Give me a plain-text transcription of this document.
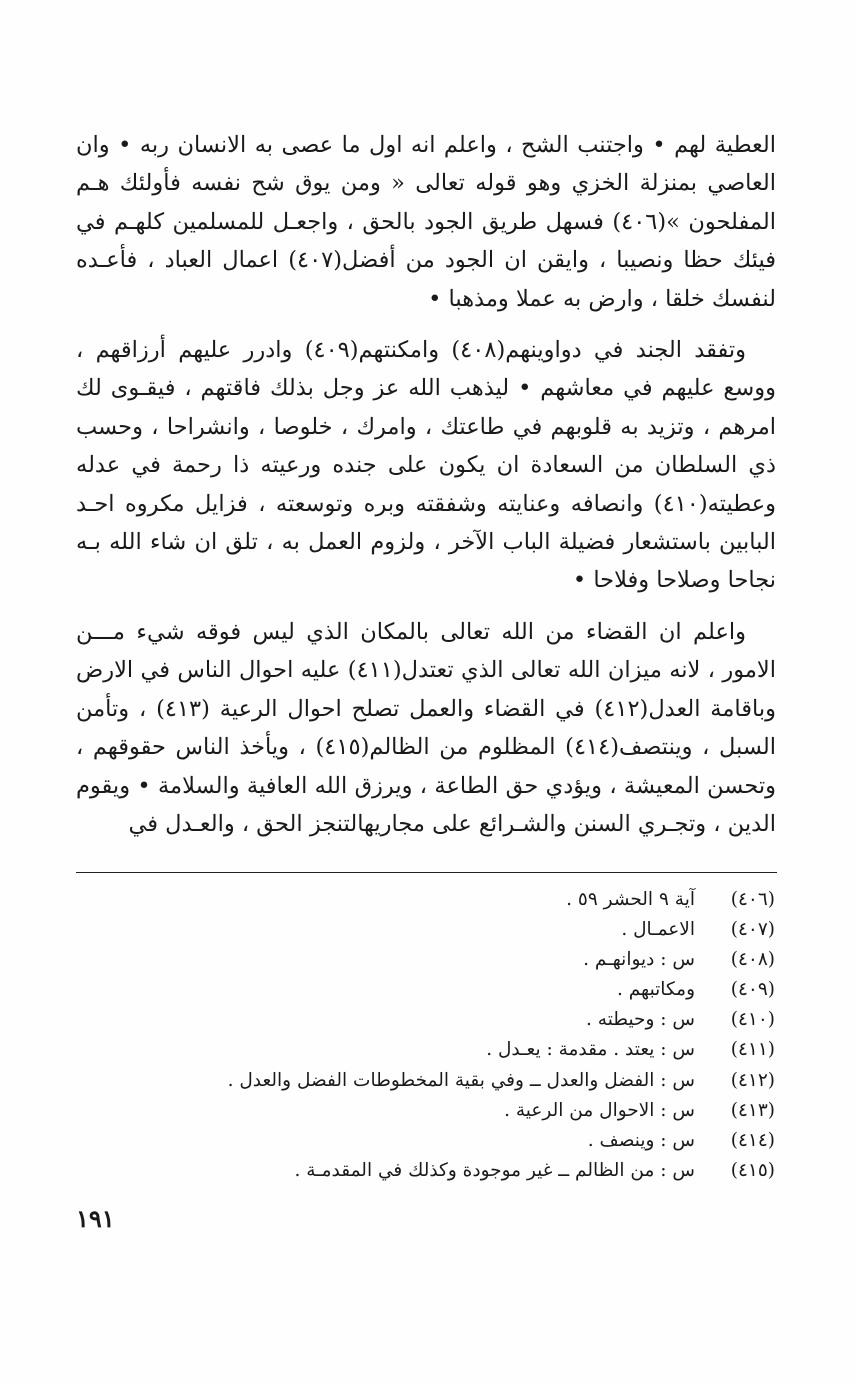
العطية لهم • واجتنب الشح ، واعلم انه اول ما عصى به الانسان ربه • وان العاصي بمنزلة الخزي وهو قوله تعالى « ومن يوق شح نفسه فأولئك هـم المفلحون »(٤٠٦) فسهل طريق الجود بالحق ، واجعـل للمسلمين كلهـم في فيئك حظا ونصيبا ، وايقن ان الجود من أفضل(٤٠٧) اعمال العباد ، فأعـده لنفسك خلقا ، وارض به عملا ومذهبا •

وتفقد الجند في دواوينهم(٤٠٨) وامكنتهم(٤٠٩) وادرر عليهم أرزاقهم ، ووسع عليهم في معاشهم • ليذهب الله عز وجل بذلك فاقتهم ، فيقـوى لك امرهم ، وتزيد به قلوبهم في طاعتك ، وامرك ، خلوصا ، وانشراحا ، وحسب ذي السلطان من السعادة ان يكون على جنده ورعيته ذا رحمة في عدله وعطيته(٤١٠) وانصافه وعنايته وشفقته وبره وتوسعته ، فزايل مكروه احـد البابين باستشعار فضيلة الباب الآخر ، ولزوم العمل به ، تلق ان شاء الله بـه نجاحا وصلاحا وفلاحا •

واعلم ان القضاء من الله تعالى بالمكان الذي ليس فوقه شيء مـــن الامور ، لانه ميزان الله تعالى الذي تعتدل(٤١١) عليه احوال الناس في الارض وباقامة العدل(٤١٢) في القضاء والعمل تصلح احوال الرعية (٤١٣) ، وتأمن السبل ، وينتصف(٤١٤) المظلوم من الظالم(٤١٥) ، ويأخذ الناس حقوقهم ، وتحسن المعيشة ، ويؤدي حق الطاعة ، ويرزق الله العافية والسلامة • ويقوم الدين ، وتجـري السنن والشـرائع على مجاريهالتنجز الحق ، والعـدل في

(٤٠٦)
آية ٩ الحشر ٥٩ .
(٤٠٧)
الاعمـال .
(٤٠٨)
س : ديوانهـم .
(٤٠٩)
ومكاتبهم .
(٤١٠)
س : وحيطته .
(٤١١)
س : يعتد . مقدمة : يعـدل .
(٤١٢)
س : الفضل والعدل ــ وفي بقية المخطوطات الفضل والعدل .
(٤١٣)
س : الاحوال من الرعية .
(٤١٤)
س : وينصف .
(٤١٥)
س : من الظالم ــ غير موجودة وكذلك في المقدمـة .
١٩١
